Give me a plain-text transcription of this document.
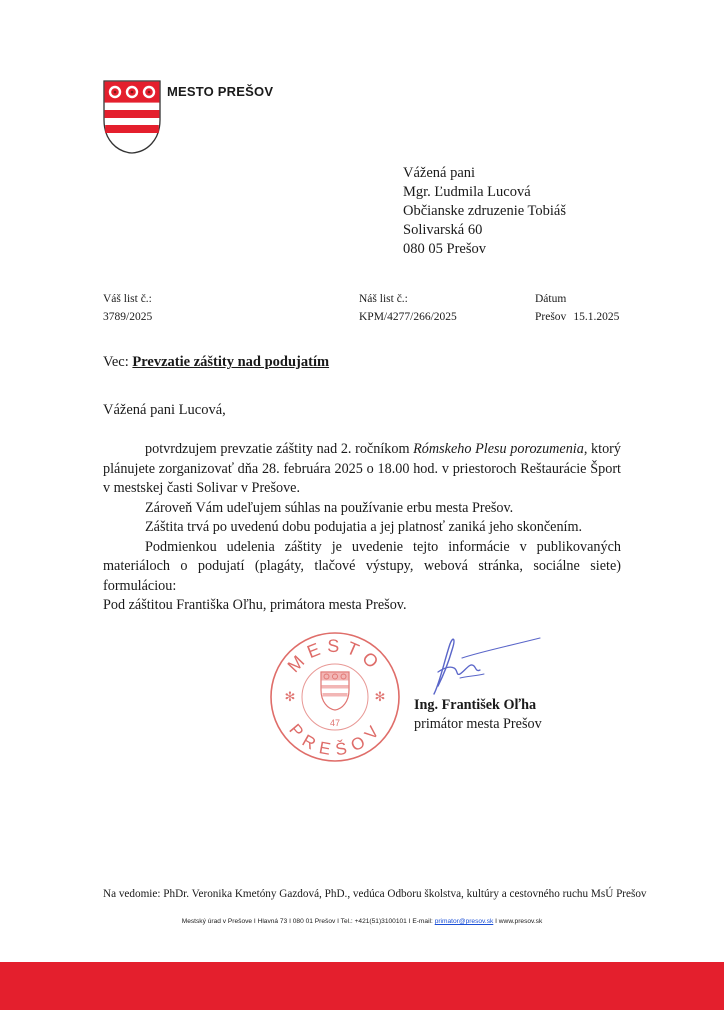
MESTO PREŠOV
Vážená pani
Mgr. Ľudmila Lucová
Občianske zdruzenie Tobiáš
Solivarská 60
080 05 Prešov
Váš list č.:
3789/2025
Náš list č.:
KPM/4277/266/2025
Dátum
Prešov 15.1.2025
Vec: Prevzatie záštity nad podujatím
Vážená pani Lucová,

potvrdzujem prevzatie záštity nad 2. ročníkom Rómskeho Plesu porozumenia, ktorý

plánujete zorganizovať dňa 28. februára 2025 o 18.00 hod. v priestoroch Reštaurácie Šport

v mestskej časti Solivar v Prešove.

Zároveň Vám udeľujem súhlas na používanie erbu mesta Prešov.

Záštita trvá po uvedenú dobu podujatia a jej platnosť zaniká jeho skončením.

Podmienkou udelenia záštity je uvedenie tejto informácie v publikovaných

materiáloch o podujatí (plagáty, tlačové výstupy, webová stránka, sociálne siete) formuláciou:

Pod záštitou Františka Oľhu, primátora mesta Prešov.

MESTO
PREŠOV
✻	✻
47
Ing. František Oľha
primátor mesta Prešov
Na vedomie: PhDr. Veronika Kmetóny Gazdová, PhD., vedúca Odboru školstva, kultúry a cestovného ruchu MsÚ Prešov
Mestský úrad v Prešove I Hlavná 73 I 080 01 Prešov I Tel.: +421(51)3100101 I E-mail: primator@presov.sk I www.presov.sk
